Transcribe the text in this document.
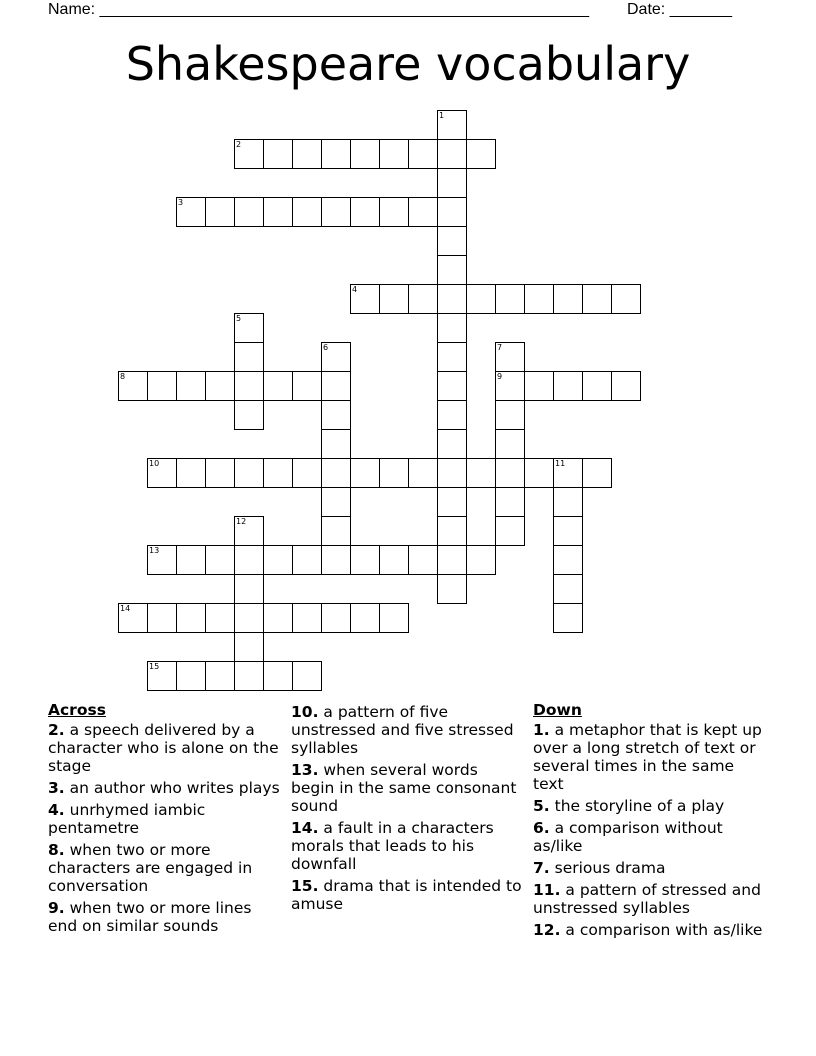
Name: _______________________________________________________ Date: _______
Shakespeare vocabulary
1
2
3
4
5
6	7
9
8
10	11
12
13
14
15
Across
2. a speech delivered by a character who is alone on the stage
3. an author who writes plays
4. unrhymed iambic pentametre
8. when two or more characters are engaged in conversation
9. when two or more lines end on similar sounds
10. a pattern of five unstressed and five stressed syllables
13. when several words begin in the same consonant sound
14. a fault in a characters morals that leads to his downfall
15. drama that is intended to amuse
Down
1. a metaphor that is kept up over a long stretch of text or several times in the same text
5. the storyline of a play
6. a comparison without as/like
7. serious drama
11. a pattern of stressed and unstressed syllables
12. a comparison with as/like
